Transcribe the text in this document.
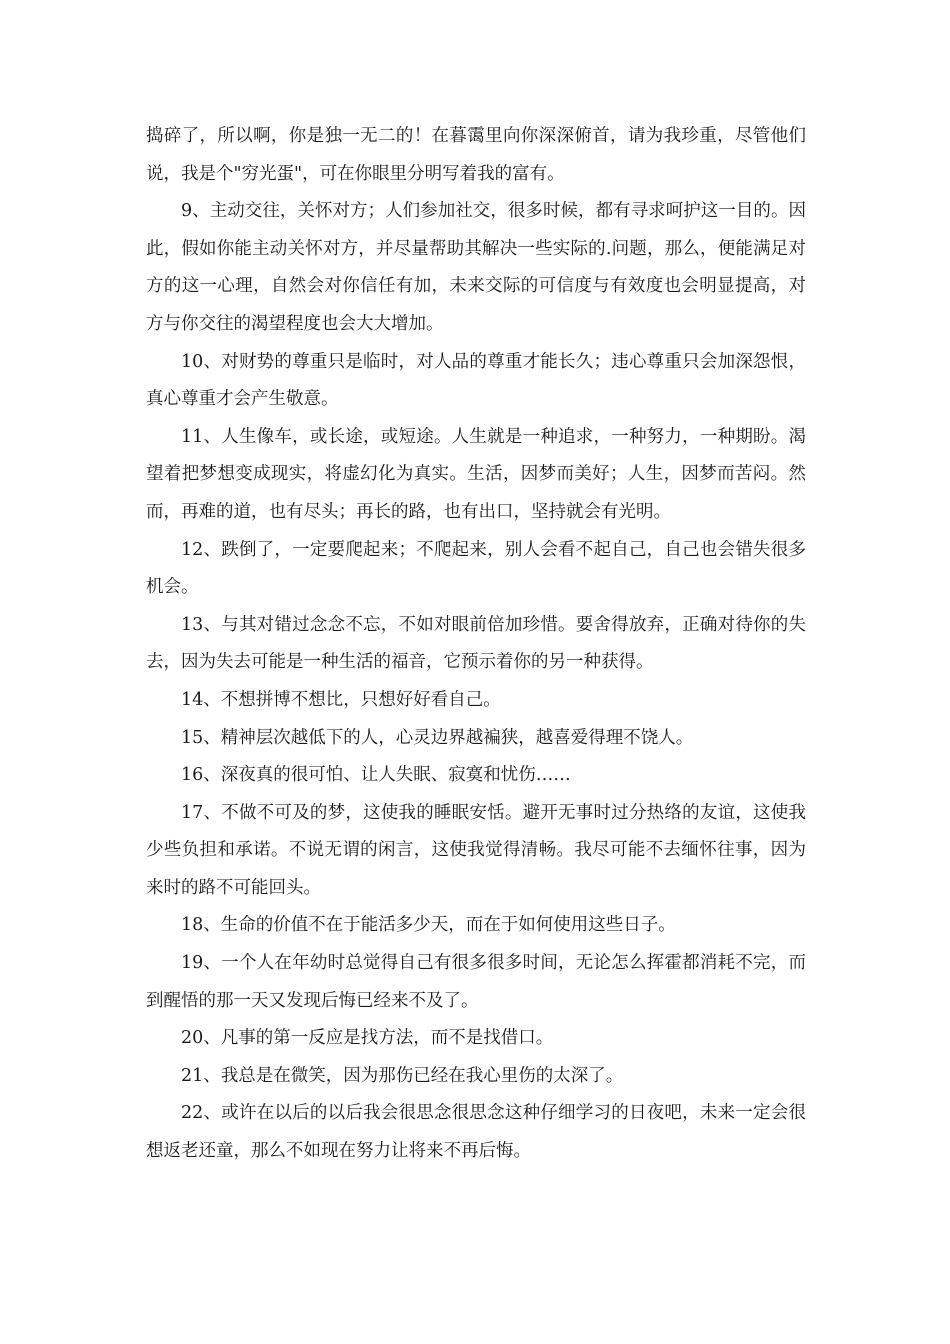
捣碎了，所以啊，你是独一无二的！在暮霭里向你深深俯首，请为我珍重，尽管他们说，我是个"穷光蛋"，可在你眼里分明写着我的富有。

9、主动交往，关怀对方；人们参加社交，很多时候，都有寻求呵护这一目的。因此，假如你能主动关怀对方，并尽量帮助其解决一些实际的.问题，那么，便能满足对方的这一心理，自然会对你信任有加，未来交际的可信度与有效度也会明显提高，对方与你交往的渴望程度也会大大增加。

10、对财势的尊重只是临时，对人品的尊重才能长久；违心尊重只会加深怨恨，真心尊重才会产生敬意。

11、人生像车，或长途，或短途。人生就是一种追求，一种努力，一种期盼。渴望着把梦想变成现实，将虚幻化为真实。生活，因梦而美好；人生，因梦而苦闷。然而，再难的道，也有尽头；再长的路，也有出口，坚持就会有光明。

12、跌倒了，一定要爬起来；不爬起来，别人会看不起自己，自己也会错失很多机会。

13、与其对错过念念不忘，不如对眼前倍加珍惜。要舍得放弃，正确对待你的失去，因为失去可能是一种生活的福音，它预示着你的另一种获得。

14、不想拼博不想比，只想好好看自己。

15、精神层次越低下的人，心灵边界越褊狭，越喜爱得理不饶人。

16、深夜真的很可怕、让人失眠、寂寞和忧伤……

17、不做不可及的梦，这使我的睡眠安恬。避开无事时过分热络的友谊，这使我少些负担和承诺。不说无谓的闲言，这使我觉得清畅。我尽可能不去缅怀往事，因为来时的路不可能回头。

18、生命的价值不在于能活多少天，而在于如何使用这些日子。

19、一个人在年幼时总觉得自己有很多很多时间，无论怎么挥霍都消耗不完，而到醒悟的那一天又发现后悔已经来不及了。

20、凡事的第一反应是找方法，而不是找借口。

21、我总是在微笑，因为那伤已经在我心里伤的太深了。

22、或许在以后的以后我会很思念很思念这种仔细学习的日夜吧，未来一定会很想返老还童，那么不如现在努力让将来不再后悔。
